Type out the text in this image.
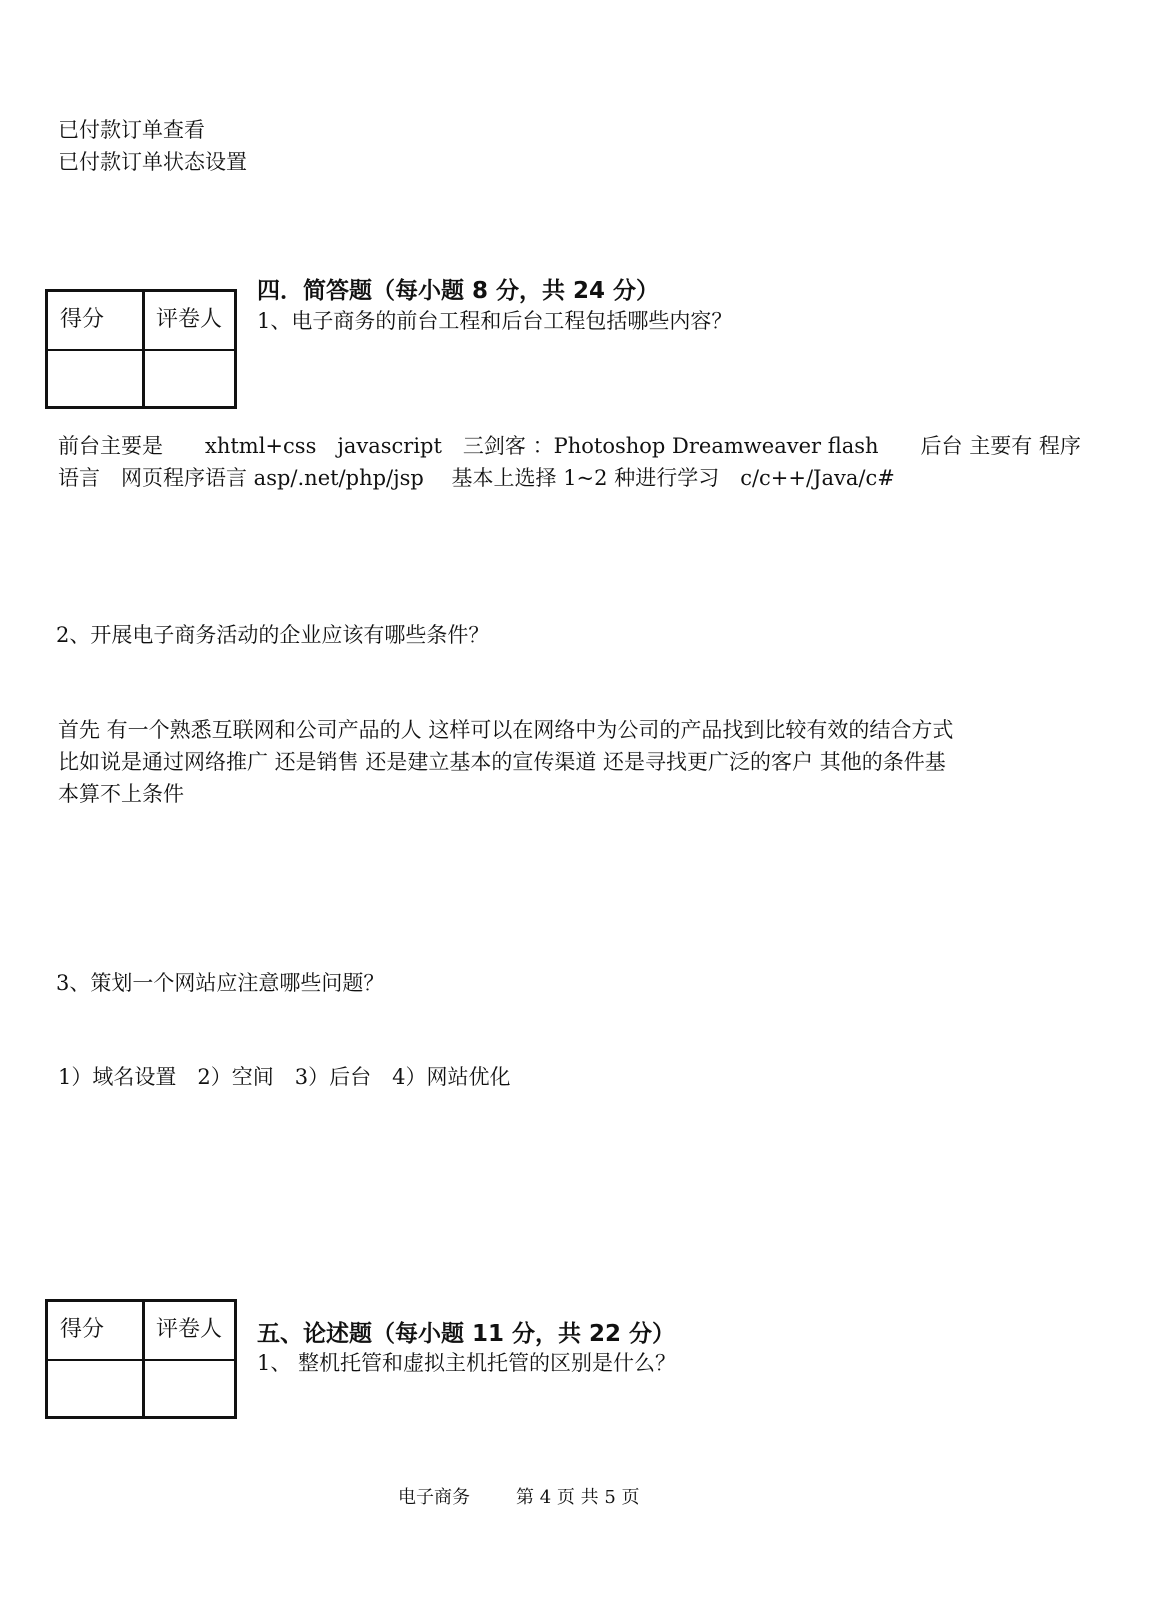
已付款订单查看
已付款订单状态设置
得分 评卷人
四．简答题（每小题 8 分，共 24 分）
1、电子商务的前台工程和后台工程包括哪些内容？
前台主要是　　xhtml+css　javascript　三剑客 ：Photoshop Dreamweaver flash　　后台 主要有 程序
语言　网页程序语言 asp/.net/php/jsp　 基本上选择 1~2 种进行学习　c/c++/Java/c#
2、开展电子商务活动的企业应该有哪些条件？
首先 有一个熟悉互联网和公司产品的人 这样可以在网络中为公司的产品找到比较有效的结合方式
比如说是通过网络推广 还是销售 还是建立基本的宣传渠道 还是寻找更广泛的客户 其他的条件基
本算不上条件
3、策划一个网站应注意哪些问题？
1）域名设置　2）空间　3）后台　4）网站优化
得分 评卷人 五、论述题（每小题 11 分，共 22 分）
1、 整机托管和虚拟主机托管的区别是什么？
电子商务	第 4 页 共 5 页
